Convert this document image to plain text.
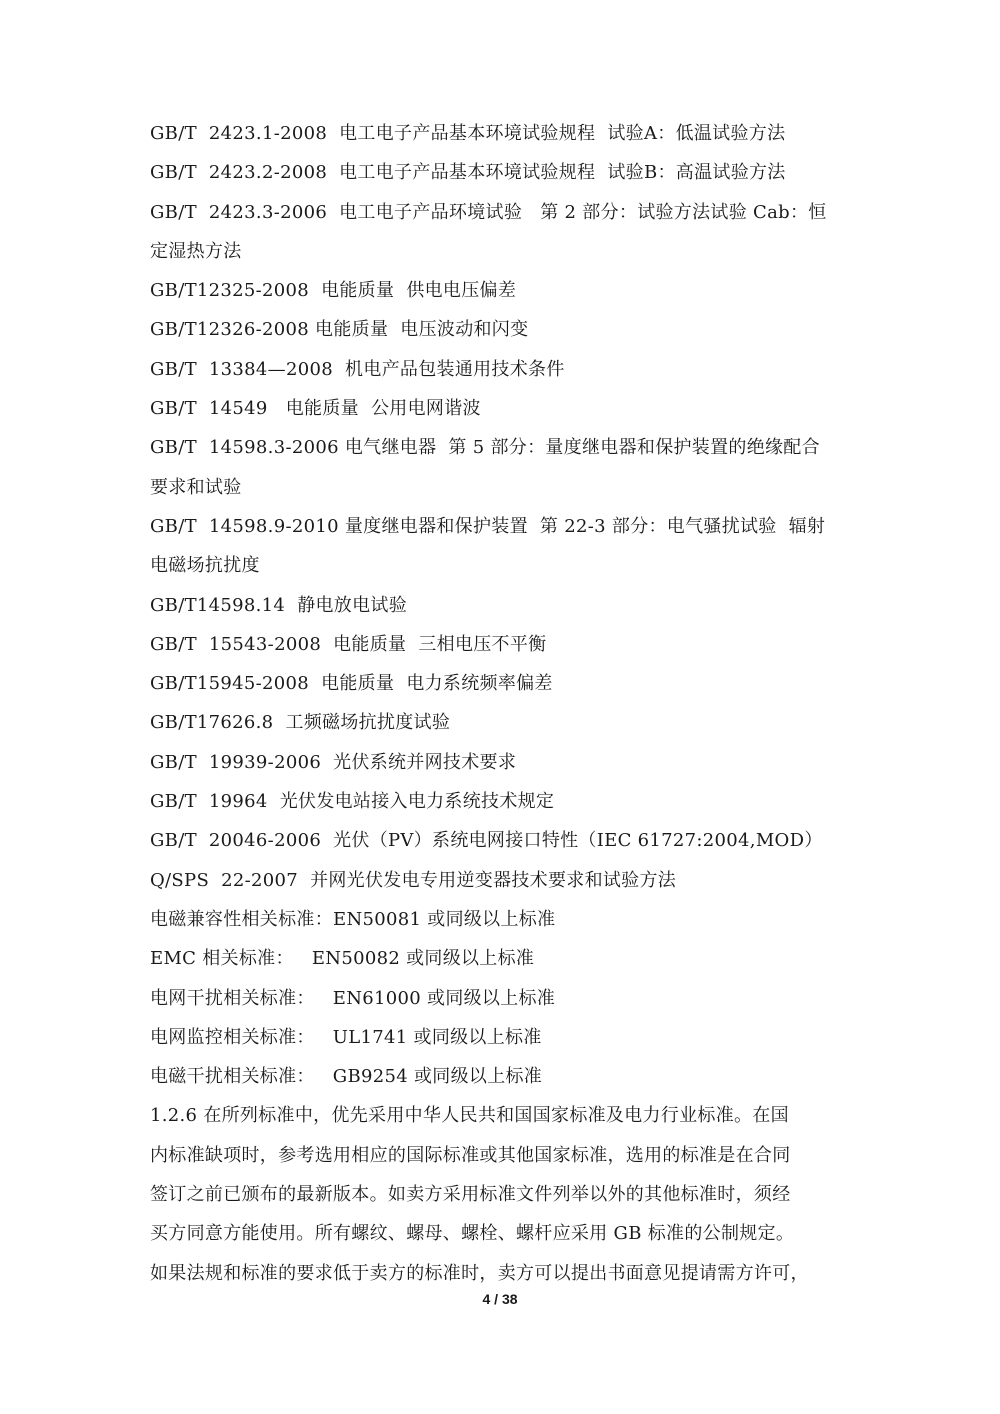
GB/T  2423.1-2008  电工电子产品基本环境试验规程  试验A：低温试验方法
GB/T  2423.2-2008  电工电子产品基本环境试验规程  试验B：高温试验方法
GB/T  2423.3-2006  电工电子产品环境试验   第 2 部分：试验方法试验 Cab：恒
定湿热方法
GB/T12325-2008  电能质量  供电电压偏差
GB/T12326-2008 电能质量  电压波动和闪变
GB/T  13384—2008  机电产品包装通用技术条件
GB/T  14549   电能质量  公用电网谐波
GB/T  14598.3-2006 电气继电器  第 5 部分：量度继电器和保护装置的绝缘配合
要求和试验
GB/T  14598.9-2010 量度继电器和保护装置  第 22-3 部分：电气骚扰试验  辐射
电磁场抗扰度
GB/T14598.14  静电放电试验
GB/T  15543-2008  电能质量  三相电压不平衡
GB/T15945-2008  电能质量  电力系统频率偏差
GB/T17626.8  工频磁场抗扰度试验
GB/T  19939-2006  光伏系统并网技术要求
GB/T  19964  光伏发电站接入电力系统技术规定
GB/T  20046-2006  光伏（PV）系统电网接口特性（IEC 61727:2004,MOD）
Q/SPS  22-2007  并网光伏发电专用逆变器技术要求和试验方法
电磁兼容性相关标准：EN50081 或同级以上标准
EMC 相关标准：   EN50082 或同级以上标准
电网干扰相关标准：   EN61000 或同级以上标准
电网监控相关标准：   UL1741 或同级以上标准
电磁干扰相关标准：   GB9254 或同级以上标准
1.2.6 在所列标准中，优先采用中华人民共和国国家标准及电力行业标准。在国
内标准缺项时，参考选用相应的国际标准或其他国家标准，选用的标准是在合同
签订之前已颁布的最新版本。如卖方采用标准文件列举以外的其他标准时，须经
买方同意方能使用。所有螺纹、螺母、螺栓、螺杆应采用 GB 标准的公制规定。
如果法规和标准的要求低于卖方的标准时，卖方可以提出书面意见提请需方许可，
4 / 38
